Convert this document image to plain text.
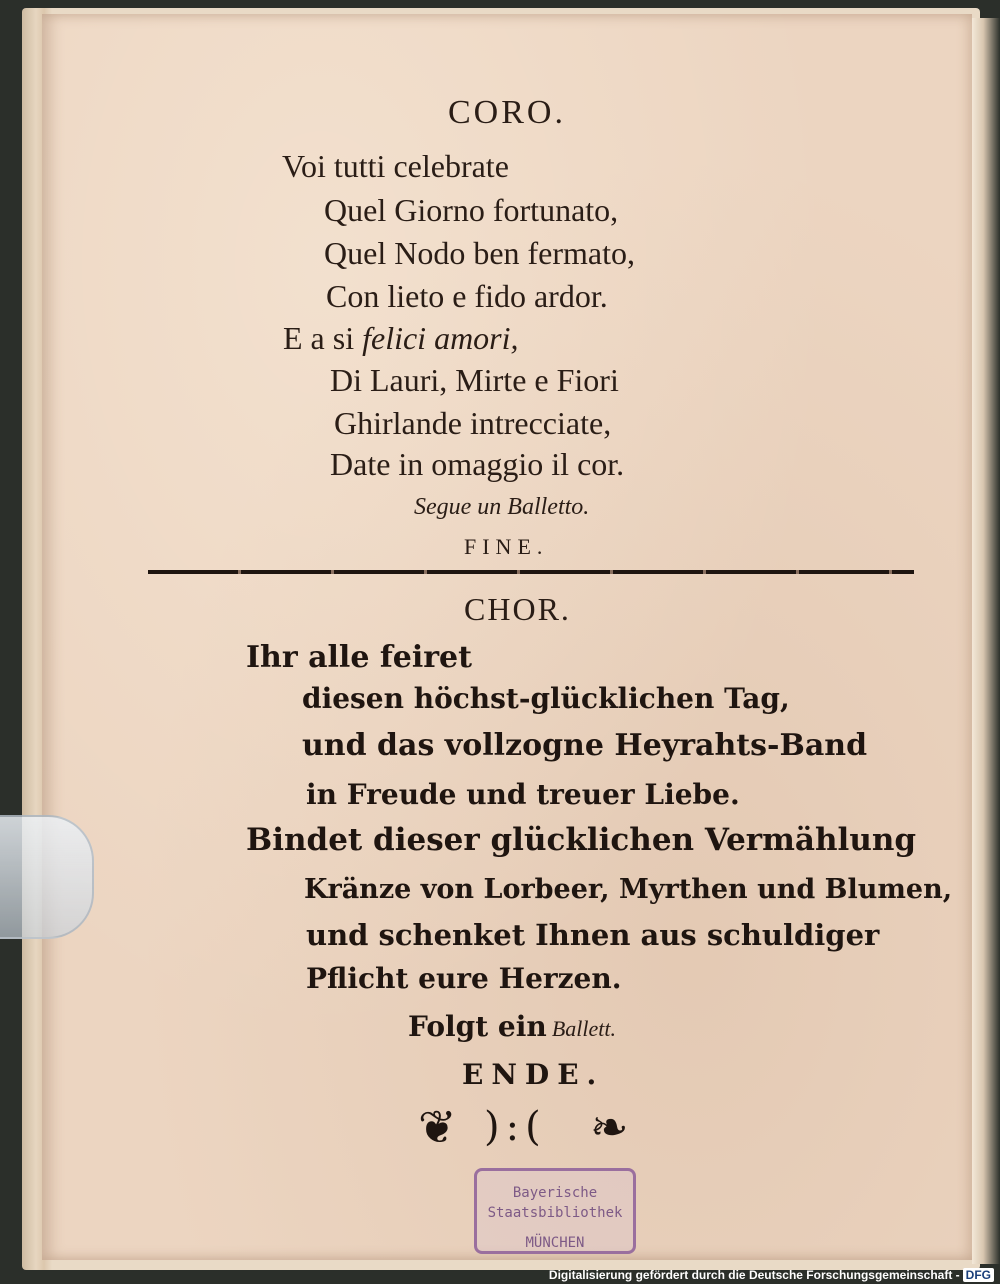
CORO.
Voi tutti celebrate
Quel Giorno fortunato,
Quel Nodo ben fermato,
Con lieto e fido ardor.
E a si felici amori,
Di Lauri, Mirte e Fiori
Ghirlande intrecciate,
Date in omaggio il cor.
Segue un Balletto.
FINE.
CHOR.
Ihr alle feiret
diesen höchst-glücklichen Tag,
und das vollzogne Heyrahts-Band
in Freude und treuer Liebe.
Bindet dieser glücklichen Vermählung
Kränze von Lorbeer, Myrthen und Blumen,
und schenket Ihnen aus schuldiger
Pflicht eure Herzen.
Folgt ein Ballett.
ENDE.
❦ ):( ❧
Bayerische
Staatsbibliothek
MÜNCHEN
Digitalisierung gefördert durch die Deutsche Forschungsgemeinschaft - DFG
